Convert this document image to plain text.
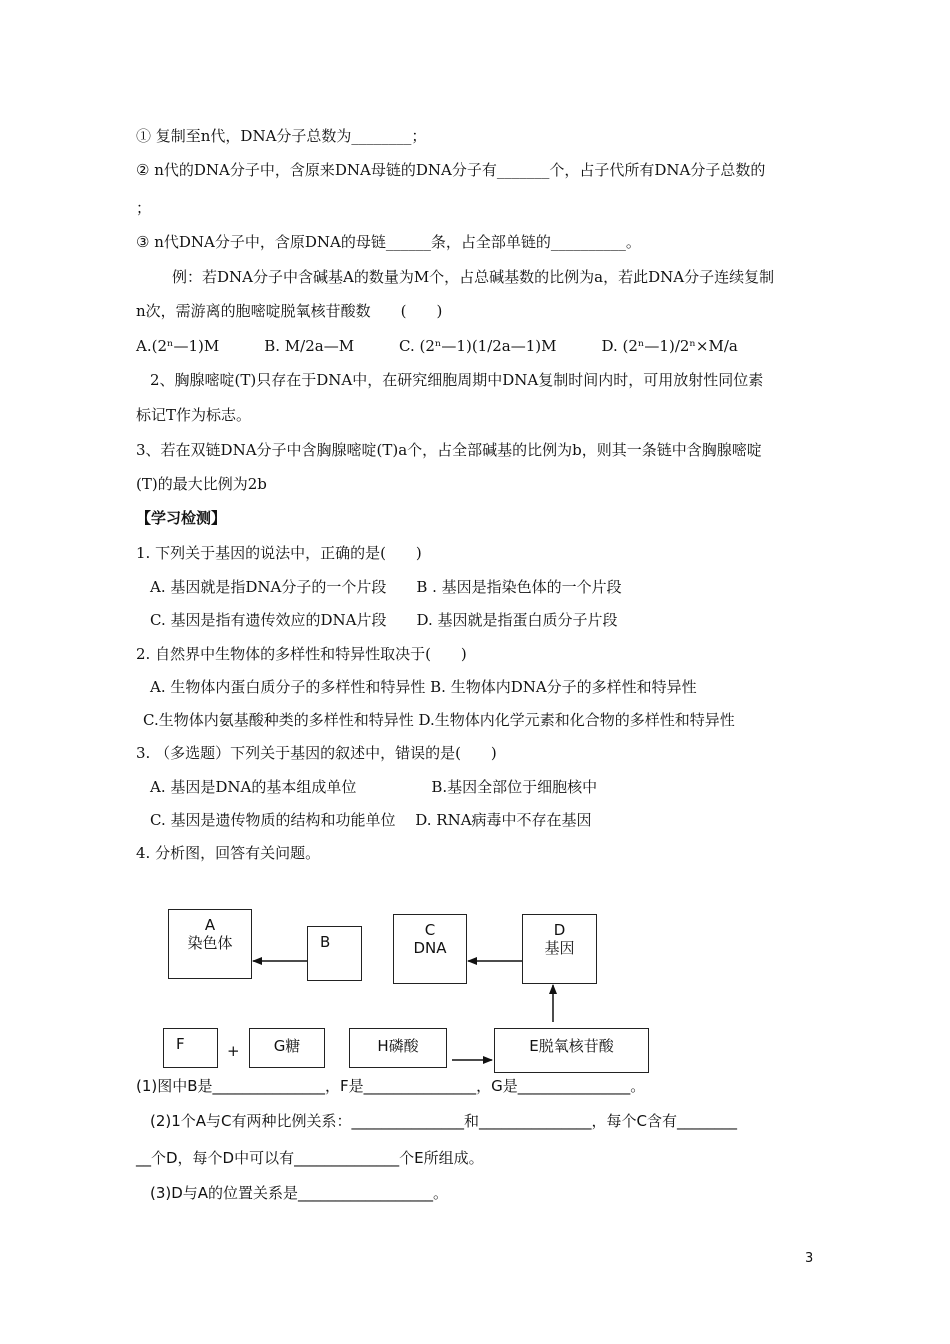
① 复制至n代，DNA分子总数为________；
② n代的DNA分子中，含原来DNA母链的DNA分子有_______个，占子代所有DNA分子总数的
；
③ n代DNA分子中，含原DNA的母链______条，占全部单链的__________。
例：若DNA分子中含碱基A的数量为M个，占总碱基数的比例为a，若此DNA分子连续复制
n次，需游离的胞嘧啶脱氧核苷酸数　　(　　)
A.(2ⁿ—1)M　　　B. M/2a—M　　　C. (2ⁿ—1)(1/2a—1)M　　　D. (2ⁿ—1)/2ⁿ×M/a
2、胸腺嘧啶(T)只存在于DNA中，在研究细胞周期中DNA复制时间内时，可用放射性同位素
标记T作为标志。
3、若在双链DNA分子中含胸腺嘧啶(T)a个，占全部碱基的比例为b，则其一条链中含胸腺嘧啶
(T)的最大比例为2b
【学习检测】
1. 下列关于基因的说法中，正确的是(　　)
A. 基因就是指DNA分子的一个片段　　B . 基因是指染色体的一个片段
C. 基因是指有遗传效应的DNA片段　　D. 基因就是指蛋白质分子片段
2. 自然界中生物体的多样性和特异性取决于(　　)
A. 生物体内蛋白质分子的多样性和特异性 B. 生物体内DNA分子的多样性和特异性
C.生物体内氨基酸种类的多样性和特异性 D.生物体内化学元素和化合物的多样性和特异性
3. （多选题）下列关于基因的叙述中，错误的是(　　)
A. 基因是DNA的基本组成单位　　　　　B.基因全部位于细胞核中
C. 基因是遗传物质的结构和功能单位　 D. RNA病毒中不存在基因
4. 分析图，回答有关问题。
A
染色体	B
C
DNA
D
基因
F	+	G糖	H磷酸	E脱氧核苷酸
(1)图中B是_______________，F是_______________，G是_______________。
(2)1个A与C有两种比例关系：_______________和_______________，每个C含有________
__个D，每个D中可以有______________个E所组成。
(3)D与A的位置关系是__________________。
3
